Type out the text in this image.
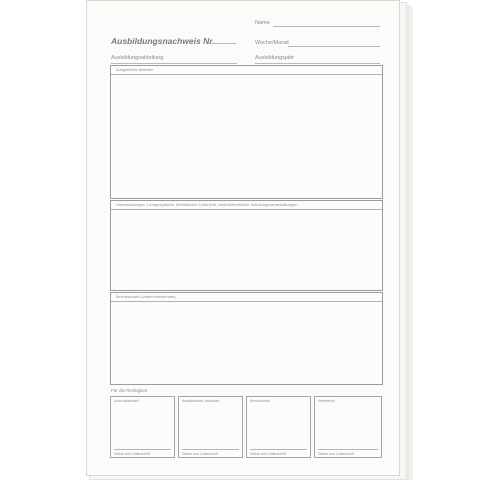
Name
Ausbildungsnachweis Nr.	Woche/Monat
Ausbildungsabteilung	Ausbildungsjahr
Ausgeführte Arbeiten
Unterweisungen, Lehrgespräche, betrieblicher Unterricht, außerbetriebliche Schulungsveranstaltungen
Berufsschule (Unterrichtsthemen)
Für die Richtigkeit
Auszubildende/r
Datum und Unterschrift
Ausbildende/r, Ausbilder
Datum und Unterschrift
Berufsschule
Datum und Unterschrift
Vertreter/in
Datum und Unterschrift
